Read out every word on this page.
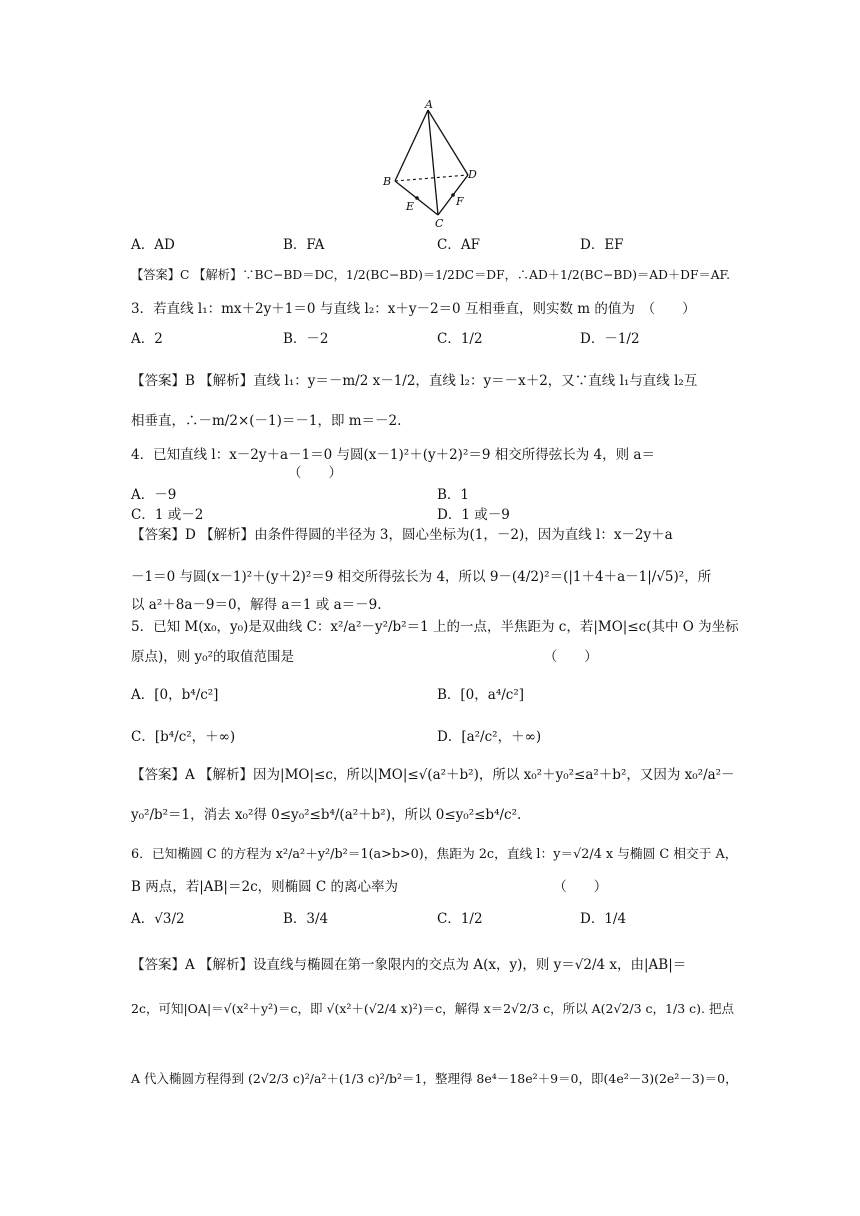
A
B
C
D
E	F
A．AD	B．FA	C．AF	D．EF
【答案】C 【解析】∵BC−BD＝DC，1/2(BC−BD)＝1/2DC＝DF，∴AD＋1/2(BC−BD)＝AD＋DF＝AF.
3．若直线 l₁：mx＋2y＋1＝0 与直线 l₂：x＋y－2＝0 互相垂直，则实数 m 的值为　（　　）
A．2	B．－2	C．1/2	D．－1/2
【答案】B 【解析】直线 l₁：y＝－m/2 x－1/2，直线 l₂：y＝－x＋2，又∵直线 l₁与直线 l₂互
相垂直，∴－m/2×(－1)＝－1，即 m＝－2.
4．已知直线 l：x－2y＋a－1＝0 与圆(x－1)²＋(y＋2)²＝9 相交所得弦长为 4，则 a＝
（　　）
A．－9	B．1
C．1 或－2	D．1 或－9
【答案】D 【解析】由条件得圆的半径为 3，圆心坐标为(1，－2)，因为直线 l：x－2y＋a
－1＝0 与圆(x－1)²＋(y＋2)²＝9 相交所得弦长为 4，所以 9－(4/2)²＝(|1＋4＋a－1|/√5)²，所
以 a²＋8a－9＝0，解得 a＝1 或 a＝－9.
5．已知 M(x₀，y₀)是双曲线 C：x²/a²－y²/b²＝1 上的一点，半焦距为 c，若|MO|≤c(其中 O 为坐标
原点)，则 y₀²的取值范围是　　　　　　　　　　　　　　　　　　　（　　）
A．[0，b⁴/c²]	B．[0，a⁴/c²]
C．[b⁴/c²，＋∞)	D．[a²/c²，＋∞)
【答案】A 【解析】因为|MO|≤c，所以|MO|≤√(a²＋b²)，所以 x₀²＋y₀²≤a²＋b²，又因为 x₀²/a²－
y₀²/b²＝1，消去 x₀²得 0≤y₀²≤b⁴/(a²＋b²)，所以 0≤y₀²≤b⁴/c².
6．已知椭圆 C 的方程为 x²/a²＋y²/b²＝1(a>b>0)，焦距为 2c，直线 l：y＝√2/4 x 与椭圆 C 相交于 A，
B 两点，若|AB|＝2c，则椭圆 C 的离心率为　　　　　　　　　　　　（　　）
A．√3/2	B．3/4	C．1/2	D．1/4
【答案】A 【解析】设直线与椭圆在第一象限内的交点为 A(x，y)，则 y＝√2/4 x，由|AB|＝
2c，可知|OA|＝√(x²＋y²)＝c，即 √(x²＋(√2/4 x)²)＝c，解得 x＝2√2/3 c，所以 A(2√2/3 c，1/3 c). 把点
A 代入椭圆方程得到 (2√2/3 c)²/a²＋(1/3 c)²/b²＝1，整理得 8e⁴－18e²＋9＝0，即(4e²－3)(2e²－3)＝0，
